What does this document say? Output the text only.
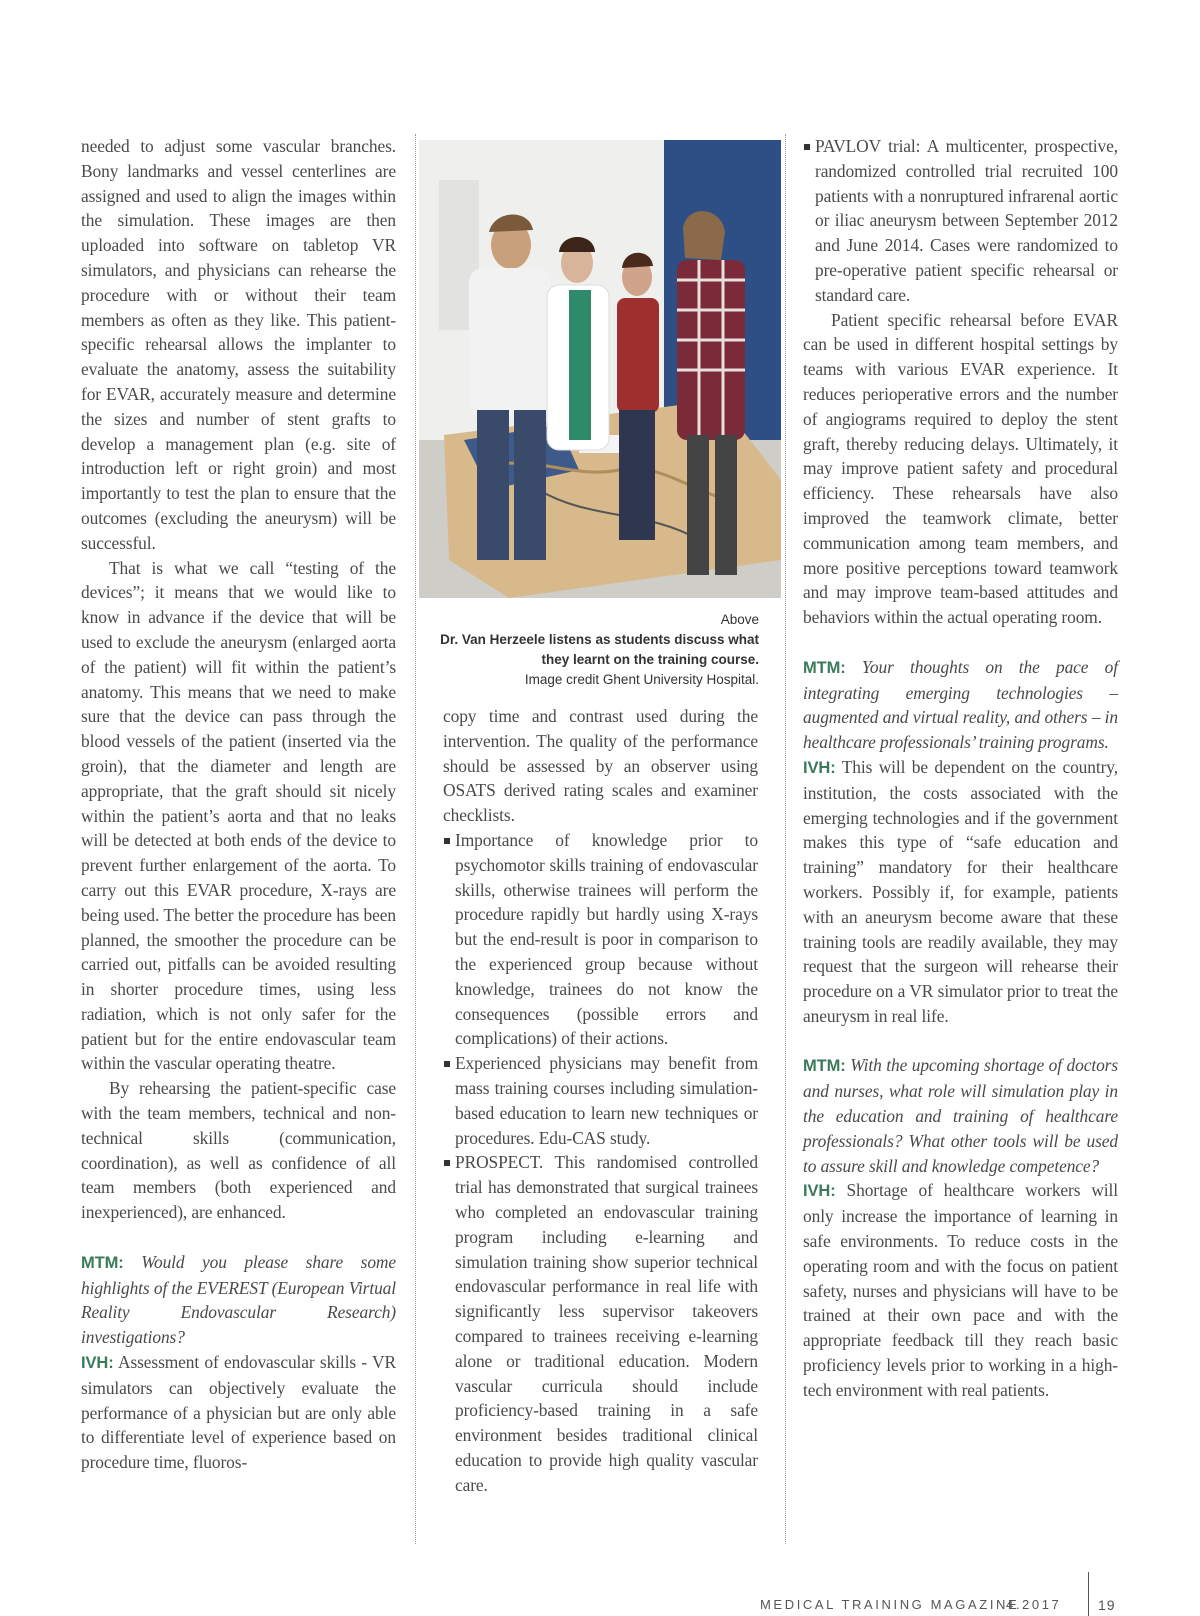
needed to adjust some vascular branches. Bony landmarks and vessel centerlines are assigned and used to align the images within the simulation. These images are then uploaded into software on tabletop VR simulators, and physicians can rehearse the procedure with or without their team members as often as they like. This patient-specific rehearsal allows the implanter to evaluate the anatomy, assess the suitability for EVAR, accurately measure and determine the sizes and number of stent grafts to develop a management plan (e.g. site of introduction left or right groin) and most importantly to test the plan to ensure that the outcomes (excluding the aneurysm) will be successful.

That is what we call “testing of the devices”; it means that we would like to know in advance if the device that will be used to exclude the aneurysm (enlarged aorta of the patient) will fit within the patient’s anatomy. This means that we need to make sure that the device can pass through the blood vessels of the patient (inserted via the groin), that the diameter and length are appropriate, that the graft should sit nicely within the patient’s aorta and that no leaks will be detected at both ends of the device to prevent further enlargement of the aorta. To carry out this EVAR procedure, X-rays are being used. The better the procedure has been planned, the smoother the procedure can be carried out, pitfalls can be avoided resulting in shorter procedure times, using less radiation, which is not only safer for the patient but for the entire endovascular team within the vascular operating theatre.

By rehearsing the patient-specific case with the team members, technical and non-technical skills (communication, coordination), as well as confidence of all team members (both experienced and inexperienced), are enhanced.

MTM: Would you please share some highlights of the EVEREST (European Virtual Reality Endovascular Research) investigations?

IVH: Assessment of endovascular skills - VR simulators can objectively evaluate the performance of a physician but are only able to differentiate level of experience based on procedure time, fluoros-

Above
Dr. Van Herzeele listens as students discuss what they learnt on the training course.
Image credit Ghent University Hospital.

copy time and contrast used during the intervention. The quality of the performance should be assessed by an observer using OSATS derived rating scales and examiner checklists.

Importance of knowledge prior to psychomotor skills training of endovascular skills, otherwise trainees will perform the procedure rapidly but hardly using X-rays but the end-result is poor in comparison to the experienced group because without knowledge, trainees do not know the consequences (possible errors and complications) of their actions.
Experienced physicians may benefit from mass training courses including simulation-based education to learn new techniques or procedures. Edu-CAS study.
PROSPECT. This randomised controlled trial has demonstrated that surgical trainees who completed an endovascular training program including e-learning and simulation training show superior technical endovascular performance in real life with significantly less supervisor takeovers compared to trainees receiving e-learning alone or traditional education. Modern vascular curricula should include proficiency-based training in a safe environment besides traditional clinical education to provide high quality vascular care.
PAVLOV trial: A multicenter, prospective, randomized controlled trial recruited 100 patients with a nonruptured infrarenal aortic or iliac aneurysm between September 2012 and June 2014. Cases were randomized to pre-operative patient specific rehearsal or standard care.

Patient specific rehearsal before EVAR can be used in different hospital settings by teams with various EVAR experience. It reduces perioperative errors and the number of angiograms required to deploy the stent graft, thereby reducing delays. Ultimately, it may improve patient safety and procedural efficiency. These rehearsals have also improved the teamwork climate, better communication among team members, and more positive perceptions toward teamwork and may improve team-based attitudes and behaviors within the actual operating room.

MTM: Your thoughts on the pace of integrating emerging technologies – augmented and virtual reality, and others – in healthcare professionals’ training programs.

IVH: This will be dependent on the country, institution, the costs associated with the emerging technologies and if the government makes this type of “safe education and training” mandatory for their healthcare workers. Possibly if, for example, patients with an aneurysm become aware that these training tools are readily available, they may request that the surgeon will rehearse their procedure on a VR simulator prior to treat the aneurysm in real life.

MTM: With the upcoming shortage of doctors and nurses, what role will simulation play in the education and training of healthcare professionals? What other tools will be used to assure skill and knowledge competence?

IVH: Shortage of healthcare workers will only increase the importance of learning in safe environments. To reduce costs in the operating room and with the focus on patient safety, nurses and physicians will have to be trained at their own pace and with the appropriate feedback till they reach basic proficiency levels prior to working in a high-tech environment with real patients.

MEDICAL TRAINING MAGAZINE
4.2017	19
